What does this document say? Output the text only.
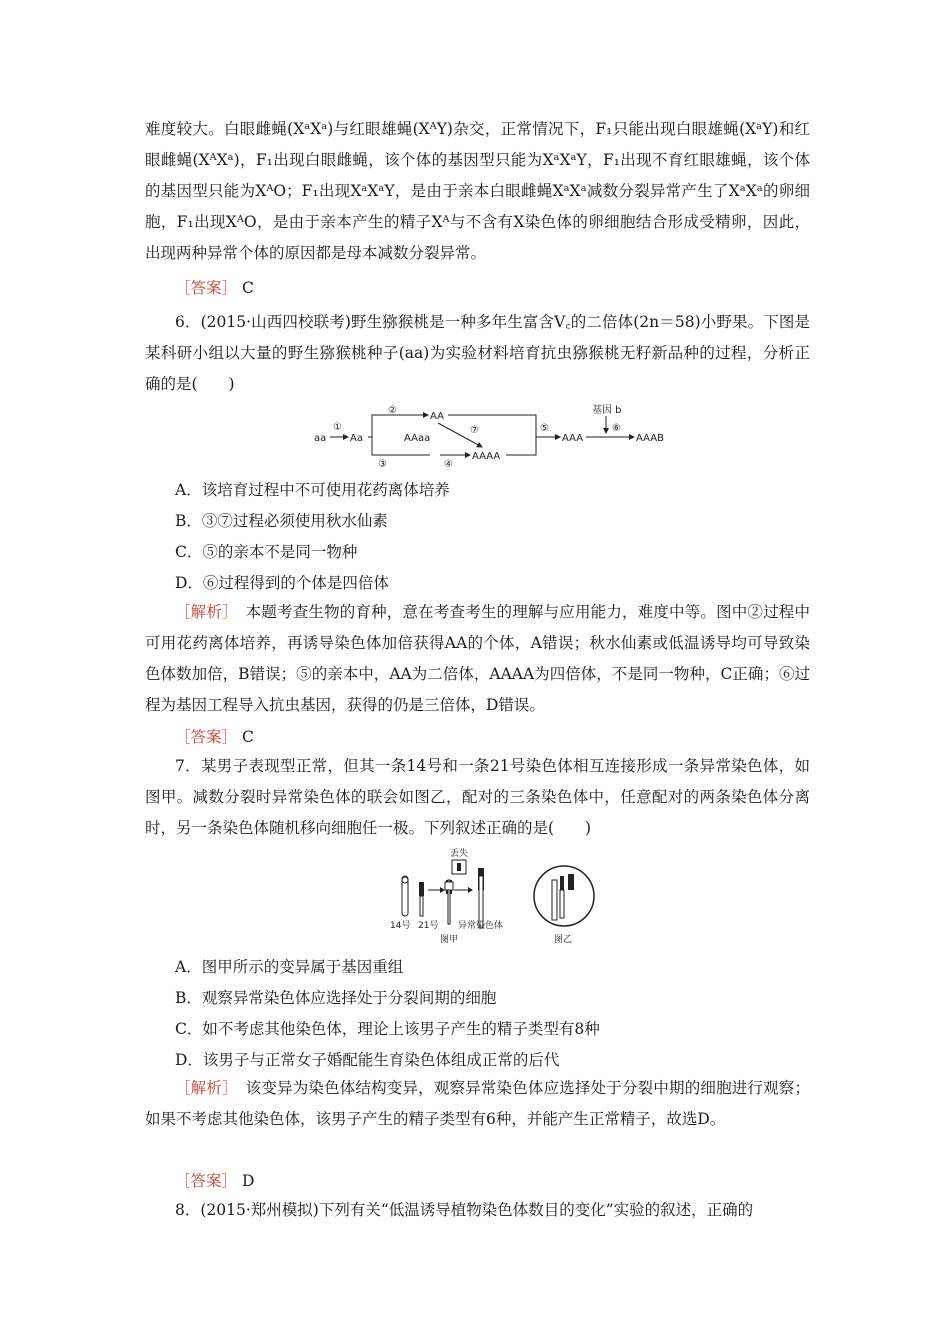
难度较大。白眼雌蝇(XᵃXᵃ)与红眼雄蝇(XᴬY)杂交，正常情况下，F₁只能出现白眼雄蝇(XᵃY)和红眼雌蝇(XᴬXᵃ)，F₁出现白眼雌蝇，该个体的基因型只能为XᵃXᵃY，F₁出现不育红眼雄蝇，该个体的基因型只能为XᴬO；F₁出现XᵃXᵃY，是由于亲本白眼雌蝇XᵃXᵃ减数分裂异常产生了XᵃXᵃ的卵细胞，F₁出现XᴬO，是由于亲本产生的精子Xᴬ与不含有X染色体的卵细胞结合形成受精卵，因此，出现两种异常个体的原因都是母本减数分裂异常。
［答案］ C
6．(2015·山西四校联考)野生猕猴桃是一种多年生富含V꜀的二倍体(2n＝58)小野果。下图是某科研小组以大量的野生猕猴桃种子(aa)为实验材料培育抗虫猕猴桃无籽新品种的过程，分析正确的是(　　)
aa
①
Aa
②
AA
③
AAaa
④
AAAA
⑦	⑤
AAA
基因 b
⑥
AAAB
A．该培育过程中不可使用花药离体培养
B．③⑦过程必须使用秋水仙素
C．⑤的亲本不是同一物种
D．⑥过程得到的个体是四倍体
［解析］　 本题考查生物的育种，意在考查考生的理解与应用能力，难度中等。图中②过程中可用花药离体培养，再诱导染色体加倍获得AA的个体，A错误；秋水仙素或低温诱导均可导致染色体数加倍，B错误；⑤的亲本中，AA为二倍体，AAAA为四倍体，不是同一物种，C正确；⑥过程为基因工程导入抗虫基因，获得的仍是三倍体，D错误。
［答案］ C
7．某男子表现型正常，但其一条14号和一条21号染色体相互连接形成一条异常染色体，如图甲。减数分裂时异常染色体的联会如图乙，配对的三条染色体中，任意配对的两条染色体分离时，另一条染色体随机移向细胞任一极。下列叙述正确的是(　　)
丢失
14号 21号 异常染色体
图甲	图乙
A．图甲所示的变异属于基因重组
B．观察异常染色体应选择处于分裂间期的细胞
C．如不考虑其他染色体，理论上该男子产生的精子类型有8种
D．该男子与正常女子婚配能生育染色体组成正常的后代
［解析］　 该变异为染色体结构变异，观察异常染色体应选择处于分裂中期的细胞进行观察；如果不考虑其他染色体，该男子产生的精子类型有6种，并能产生正常精子，故选D。
［答案］ D
8．(2015·郑州模拟)下列有关“低温诱导植物染色体数目的变化”实验的叙述，正确的
